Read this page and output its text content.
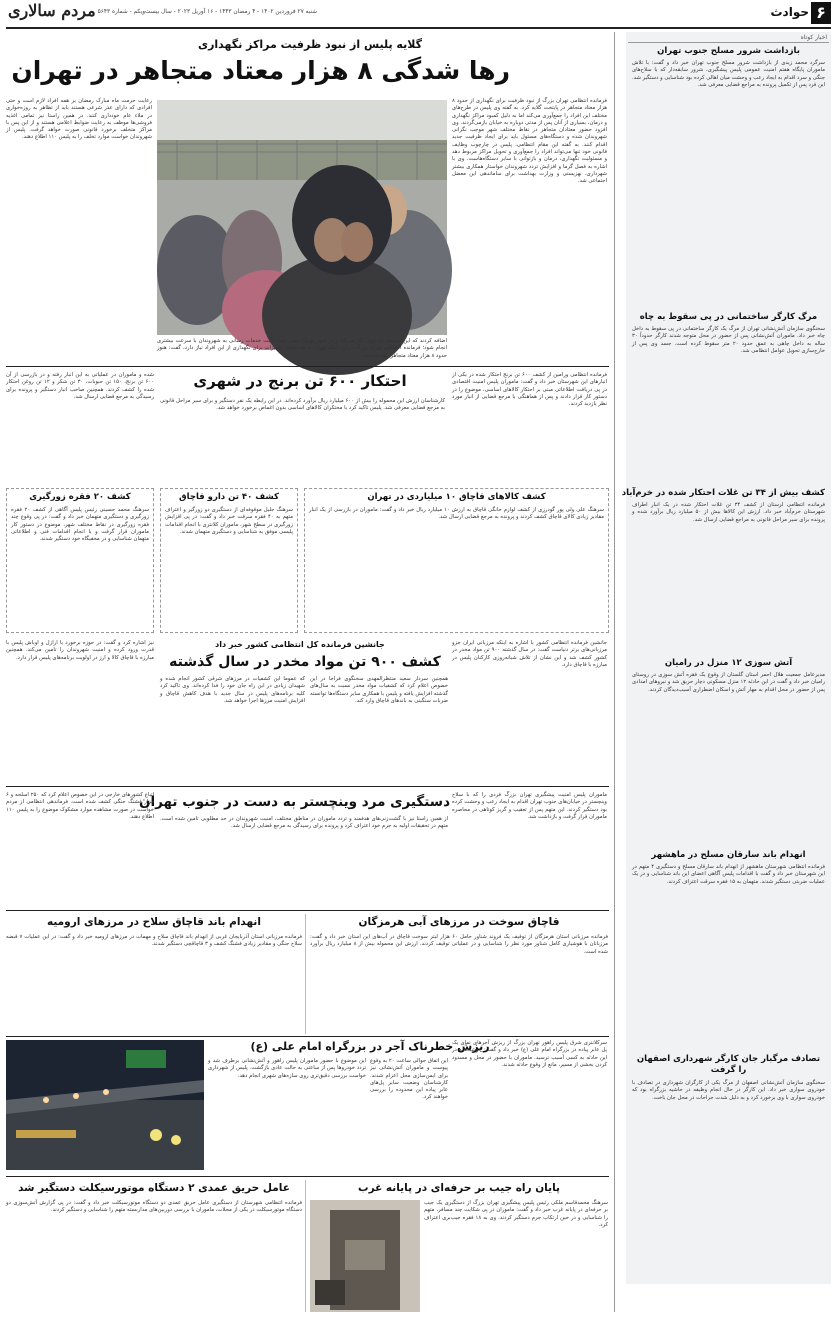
۶
حوادث
شنبه ۲۷ فروردین ۱۴۰۲ - ۴ رمضان ۱۴۴۳ - ۱۶ آوریل ۲۰۲۳ - سال بیست‌ویکم - شماره ۵۶۴۳
مردم سالاری
اخبار کوتاه
بازداشت شرور مسلح جنوب تهران
سرگرد محمد زیدی از بازداشت شرور مسلح جنوب تهران خبر داد و گفت: با تلاش ماموران پایگاه هفتم امنیت عمومی پلیس پیشگیری، شرور سابقه‌دار که با سلاح‌های جنگی و سرد اقدام به ایجاد رعب و وحشت میان اهالی کرده بود شناسایی و دستگیر شد. این فرد پس از تکمیل پرونده به مراجع قضایی معرفی شد.
مرگ کارگر ساختمانی در پی سقوط به چاه
سخنگوی سازمان آتش‌نشانی تهران از مرگ یک کارگر ساختمانی در پی سقوط به داخل چاه خبر داد. ماموران آتش‌نشانی پس از حضور در محل متوجه شدند کارگر حدوداً ۳۰ ساله به داخل چاهی به عمق حدود ۲۰ متر سقوط کرده است. جسد وی پس از خارج‌سازی تحویل عوامل انتظامی شد.
کشف بیش از ۳۴ تن غلات احتکار شده در خرم‌آباد
فرمانده انتظامی لرستان از کشف ۳۴ تن غلات احتکار شده در یک انبار اطراف شهرستان خرم‌آباد خبر داد. ارزش این کالاها بیش از ۵۰ میلیارد ریال برآورد شده و پرونده برای سیر مراحل قانونی به مراجع قضایی ارسال شد.
آتش سوزی ۱۲ منزل در رامیان
مدیرعامل جمعیت هلال احمر استان گلستان از وقوع یک فقره آتش سوزی در روستای رامیان خبر داد و گفت در این حادثه ۱۲ منزل مسکونی دچار حریق شد و نیروهای امدادی پس از حضور در محل اقدام به مهار آتش و اسکان اضطراری آسیب‌دیدگان کردند.
انهدام باند سارقان مسلح در ماهشهر
فرمانده انتظامی شهرستان ماهشهر از انهدام باند سارقان مسلح و دستگیری ۴ متهم در این شهرستان خبر داد و گفت با اقدامات پلیس آگاهی اعضای این باند شناسایی و در یک عملیات ضربتی دستگیر شدند. متهمان به ۱۵ فقره سرقت اعتراف کردند.
تصادف مرگبار جان کارگر شهرداری اصفهان را گرفت
سخنگوی سازمان آتش‌نشانی اصفهان از مرگ یکی از کارگران شهرداری در تصادف با خودروی سواری خبر داد. این کارگر در حال انجام وظیفه در حاشیه بزرگراه بود که خودروی سواری با وی برخورد کرد و به دلیل شدت جراحات در محل جان باخت.
گلایه پلیس از نبود ظرفیت مراکز نگهداری
رها شدگی ۸ هزار معتاد متجاهر در تهران
فرمانده انتظامی تهران بزرگ از نبود ظرفیت برای نگهداری از حدود ۸ هزار معتاد متجاهر در پایتخت گلایه کرد. به گفته وی پلیس در طرح‌های مختلف این افراد را جمع‌آوری می‌کند اما به دلیل کمبود مراکز نگهداری و درمان، بسیاری از آنان پس از مدتی دوباره به خیابان بازمی‌گردند. وی افزود حضور معتادان متجاهر در نقاط مختلف شهر موجب نگرانی شهروندان شده و دستگاه‌های مسئول باید برای ایجاد ظرفیت جدید اقدام کنند. به گفته این مقام انتظامی، پلیس در چارچوب وظایف قانونی خود تنها می‌تواند افراد را جمع‌آوری و تحویل مراکز مربوط دهد و مسئولیت نگهداری، درمان و بازتوانی با سایر دستگاه‌هاست. وی با اشاره به فصل گرما و افزایش تردد شهروندان خواستار همکاری بیشتر شهرداری، بهزیستی و وزارت بهداشت برای ساماندهی این معضل اجتماعی شد.
رعایت حرمت ماه مبارک رمضان بر همه افراد لازم است و حتی افرادی که دارای عذر شرعی هستند باید از تظاهر به روزه‌خواری در ملاء عام خودداری کنند. در همین راستا نیز تمامی اغذیه فروشی‌ها موظف به رعایت ضوابط اعلامی هستند و از این پس با مراکز متخلف برخورد قانونی صورت خواهد گرفت. پلیس از شهروندان خواست موارد تخلف را به پلیس ۱۱۰ اطلاع دهند.
اضافه کردند که این سیستم به خوبی کار می‌کند و در شهر تهران سعی شده است خدمات رسانی به شهروندان با سرعت بیشتری انجام شود؛ فرمانده انتظامی تهران بزرگ درباره اینکه تهران به چه مقدار تجهیزات برای نگهداری از این افراد نیاز دارد، گفت: هنوز حدود ۸ هزار معتاد متجاهر رها شده‌اند.
احتکار ۶۰۰ تن برنج در شهری	فرمانده انتظامی ورامین از کشف ۶۰۰ تن برنج احتکار شده در یکی از انبارهای این شهرستان خبر داد و گفت: ماموران پلیس امنیت اقتصادی در پی دریافت اطلاعاتی مبنی بر احتکار کالاهای اساسی، موضوع را در دستور کار قرار دادند و پس از هماهنگی با مرجع قضایی از انبار مورد نظر بازدید کردند.
کارشناسان ارزش این محموله را بیش از ۶۰۰ میلیارد ریال برآورد کرده‌اند. در این رابطه یک نفر دستگیر و برای سیر مراحل قانونی به مرجع قضایی معرفی شد. پلیس تاکید کرد با محتکران کالاهای اساسی بدون اغماض برخورد خواهد شد.
شده و ماموران در عملیاتی به این انبار رفته و در بازرسی از آن ۶۰۰ تن برنج، ۱۵۰ تن حبوبات، ۳۰ تن شکر و ۱۲ تن روغن احتکار شده را کشف کردند. همچنین صاحب انبار دستگیر و پرونده برای رسیدگی به مرجع قضایی ارسال شد.
کشف ۲۰ فقره زورگیری
سرهنگ محمد حسینی رئیس پلیس آگاهی از کشف ۲۰ فقره زورگیری و دستگیری متهمان خبر داد و گفت: در پی وقوع چند فقره زورگیری در نقاط مختلف شهر، موضوع در دستور کار ماموران قرار گرفت و با انجام اقدامات فنی و اطلاعاتی متهمان شناسایی و در مخفیگاه خود دستگیر شدند.
کشف ۴۰ تن دارو قاچاق
سرهنگ جلیل موقوفه‌ای از دستگیری دو زورگیر و اعتراف متهم به ۴۰ فقره سرقت خبر داد و گفت: در پی افزایش زورگیری در سطح شهر، ماموران کلانتری با انجام اقدامات پلیسی موفق به شناسایی و دستگیری متهمان شدند.
کشف کالاهای قاچاق ۱۰ میلیاردی در تهران
سرهنگ علی ولی پور گودرزی از کشف لوازم خانگی قاچاق به ارزش ۱۰ میلیارد ریال خبر داد و گفت: ماموران در بازرسی از یک انبار مقادیر زیادی کالای قاچاق کشف کردند و پرونده به مرجع قضایی ارسال شد.
جانشین فرمانده کل انتظامی کشور خبر داد
کشف ۹۰۰ تن مواد مخدر در سال گذشته
جانشین فرمانده انتظامی کشور با اشاره به اینکه مرزبانی ایران جزو مرزبانی‌های برتر دنیاست گفت: در سال گذشته ۹۰۰ تن مواد مخدر در کشور کشف شد و این نشان از تلاش شبانه‌روزی کارکنان پلیس در مبارزه با قاچاق دارد.
همچنین سردار سعید منتظرالمهدی سخنگوی فراجا در این خصوص اعلام کرد که کشفیات مواد مخدر نسبت به سال‌های گذشته افزایش یافته و پلیس با همکاری سایر دستگاه‌ها توانسته ضربات سنگینی به باندهای قاچاق وارد کند.
که عموما این کشفیات در مرزهای شرقی کشور انجام شده و شهیدان زیادی در این راه جان خود را فدا کرده‌اند. وی تاکید کرد کلیه برنامه‌های پلیس در سال جدید با هدف کاهش قاچاق و افزایش امنیت مرزها اجرا خواهد شد.
نیز اشاره کرد و گفت: در حوزه برخورد با ارازل و اوباش پلیس با قدرت ورود کرده و امنیت شهروندان را تامین می‌کند. همچنین مبارزه با قاچاق کالا و ارز در اولویت برنامه‌های پلیس قرار دارد.
دستگیری مرد وینچستر به دست در جنوب تهران ماموران پلیس امنیت پیشگیری تهران بزرگ فردی را که با سلاح وینچستر در خیابان‌های جنوب تهران اقدام به ایجاد رعب و وحشت کرده بود دستگیر کردند. این متهم پس از تعقیب و گریز کوتاهی در محاصره ماموران قرار گرفت و بازداشت شد.
از همین راستا نیز با گشت‌زنی‌های هدفمند و تردد ماموران در مناطق مختلف، امنیت شهروندان در حد مطلوبی تامین شده است. متهم در تحقیقات اولیه به جرم خود اعتراف کرد و پرونده برای رسیدگی به مرجع قضایی ارسال شد.
اتباع کشورهای خارجی در این خصوص اعلام کرد که ۲۵۰ اسلحه و ۶ هزار فشنگ جنگی کشف شده است. فرماندهی انتظامی از مردم خواست در صورت مشاهده موارد مشکوک موضوع را به پلیس ۱۱۰ اطلاع دهند.
قاچاق سوخت در مرزهای آبی هرمزگان
فرمانده مرزبانی استان هرمزگان از توقیف یک فروند شناور حامل ۶۰ هزار لیتر سوخت قاچاق در آب‌های این استان خبر داد و گفت: مرزبانان با هوشیاری کامل شناور مورد نظر را شناسایی و در عملیاتی توقیف کردند. ارزش این محموله بیش از ۸ میلیارد ریال برآورد شده است.
انهدام باند قاچاق سلاح در مرزهای ارومیه
فرمانده مرزبانی استان آذربایجان غربی از انهدام باند قاچاق سلاح و مهمات در مرزهای ارومیه خبر داد و گفت: در این عملیات ۷ قبضه سلاح جنگی و مقادیر زیادی فشنگ کشف و ۳ قاچاقچی دستگیر شدند.
ریزش خطرناک آجر در بزرگراه امام علی (ع)
سرکلانتری شرق پلیس راهور تهران بزرگ از ریزش آجرهای نمای یک پل عابر پیاده در بزرگراه امام علی (ع) خبر داد و گفت: خوشبختانه در این حادثه به کسی آسیب نرسید. ماموران با حضور در محل و مسدود کردن بخشی از مسیر، مانع از وقوع حادثه شدند.
این اتفاق حوالی ساعت ۲۰ به وقوع پیوست و ماموران آتش‌نشانی نیز برای ایمن‌سازی محل اعزام شدند. کارشناسان وضعیت سایر پل‌های عابر پیاده این محدوده را بررسی خواهند کرد.
این موضوع با حضور ماموران پلیس راهور و آتش‌نشانی برطرف شد و تردد خودروها پس از ساعتی به حالت عادی بازگشت. پلیس از شهرداری خواست بررسی دقیق‌تری روی سازه‌های شهری انجام دهد.
پایان راه جیب بر حرفه‌ای در پایانه غرب
سرهنگ محمدقاسم ملکی رئیس پلیس پیشگیری تهران بزرگ از دستگیری یک جیب بر حرفه‌ای در پایانه غرب خبر داد و گفت: ماموران در پی شکایت چند مسافر، متهم را شناسایی و در حین ارتکاب جرم دستگیر کردند. وی به ۱۸ فقره جیب‌بری اعتراف کرد.
عامل حریق عمدی ۲ دستگاه موتورسیکلت دستگیر شد
فرمانده انتظامی شهرستان از دستگیری عامل حریق عمدی دو دستگاه موتورسیکلت خبر داد و گفت: در پی گزارش آتش‌سوزی دو دستگاه موتورسیکلت در یکی از محلات، ماموران با بررسی دوربین‌های مداربسته متهم را شناسایی و دستگیر کردند.
